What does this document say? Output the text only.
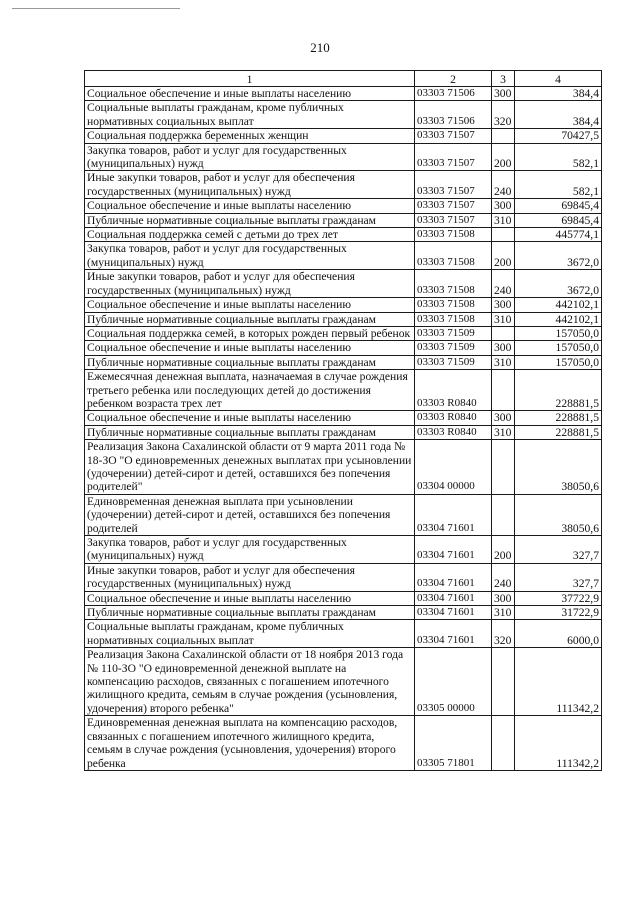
210
1	2	3	4
Социальное обеспечение и иные выплаты населению	03303 71506	300	384,4
Социальные выплаты гражданам, кроме публичных нормативных социальных выплат	03303 71506	320	384,4
Социальная поддержка беременных женщин	03303 71507		70427,5
Закупка товаров, работ и услуг для государственных (муниципальных) нужд	03303 71507	200	582,1
Иные закупки товаров, работ и услуг для обеспечения государственных (муниципальных) нужд	03303 71507	240	582,1
Социальное обеспечение и иные выплаты населению	03303 71507	300	69845,4
Публичные нормативные социальные выплаты гражданам	03303 71507	310	69845,4
Социальная поддержка семей с детьми до трех лет	03303 71508		445774,1
Закупка товаров, работ и услуг для государственных (муниципальных) нужд	03303 71508	200	3672,0
Иные закупки товаров, работ и услуг для обеспечения государственных (муниципальных) нужд	03303 71508	240	3672,0
Социальное обеспечение и иные выплаты населению	03303 71508	300	442102,1
Публичные нормативные социальные выплаты гражданам	03303 71508	310	442102,1
Социальная поддержка семей, в которых рожден первый ребенок	03303 71509		157050,0
Социальное обеспечение и иные выплаты населению	03303 71509	300	157050,0
Публичные нормативные социальные выплаты гражданам	03303 71509	310	157050,0
Ежемесячная денежная выплата, назначаемая в случае рождения третьего ребенка или последующих детей до достижения ребенком возраста трех лет	03303 R0840		228881,5
Социальное обеспечение и иные выплаты населению	03303 R0840	300	228881,5
Публичные нормативные социальные выплаты гражданам	03303 R0840	310	228881,5
Реализация Закона Сахалинской области от 9 марта 2011 года № 18-ЗО "О единовременных денежных выплатах при усыновлении (удочерении) детей-сирот и детей, оставшихся без попечения родителей"	03304 00000		38050,6
Единовременная денежная выплата при усыновлении (удочерении) детей-сирот и детей, оставшихся без попечения родителей	03304 71601		38050,6
Закупка товаров, работ и услуг для государственных (муниципальных) нужд	03304 71601	200	327,7
Иные закупки товаров, работ и услуг для обеспечения государственных (муниципальных) нужд	03304 71601	240	327,7
Социальное обеспечение и иные выплаты населению	03304 71601	300	37722,9
Публичные нормативные социальные выплаты гражданам	03304 71601	310	31722,9
Социальные выплаты гражданам, кроме публичных нормативных социальных выплат	03304 71601	320	6000,0
Реализация Закона Сахалинской области от 18 ноября 2013 года № 110-ЗО "О единовременной денежной выплате на компенсацию расходов, связанных с погашением ипотечного жилищного кредита, семьям в случае рождения (усыновления, удочерения) второго ребенка"	03305 00000		111342,2
Единовременная денежная выплата на компенсацию расходов, связанных с погашением ипотечного жилищного кредита, семьям в случае рождения (усыновления, удочерения) второго ребенка	03305 71801		111342,2
